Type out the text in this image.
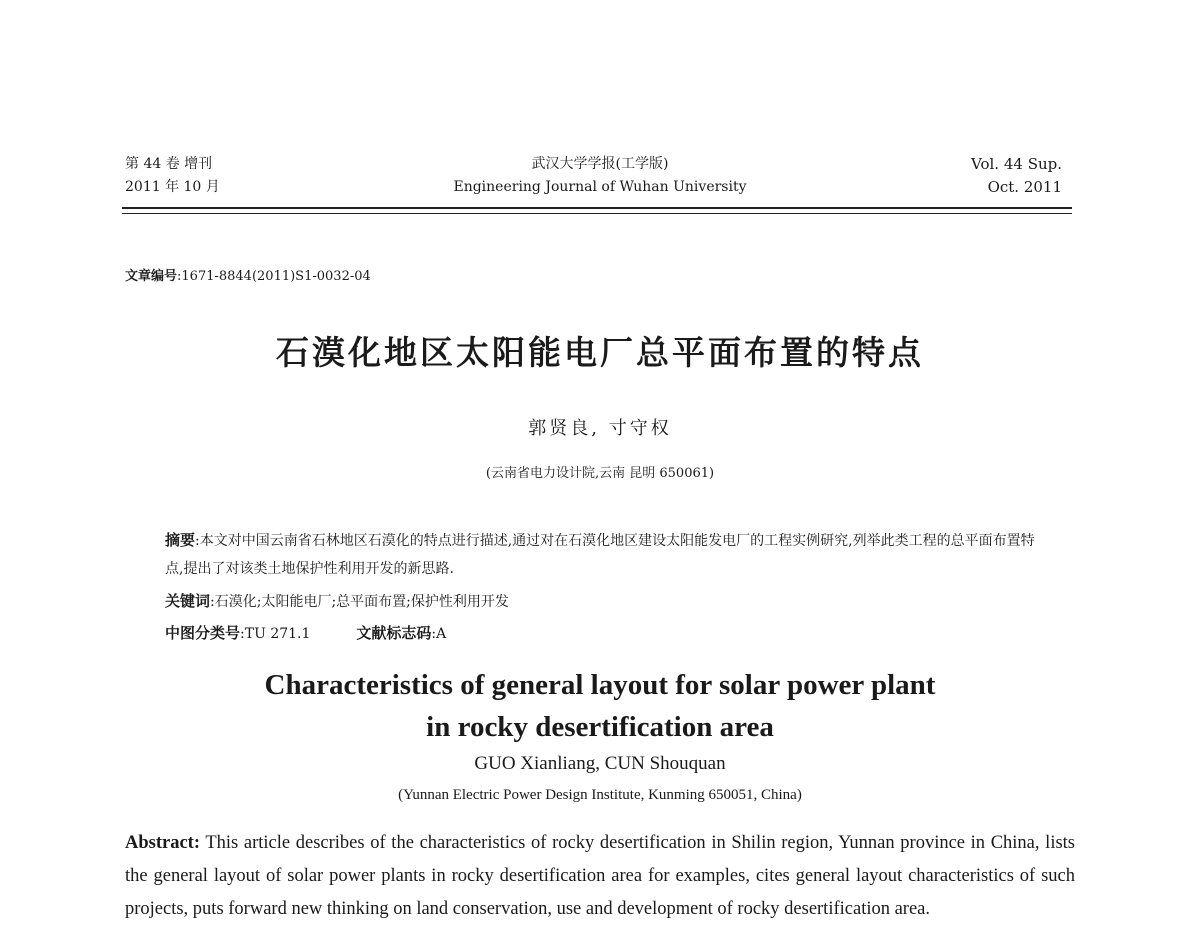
第 44 卷 增刊
2011 年 10 月
武汉大学学报(工学版)
Engineering Journal of Wuhan University
Vol. 44 Sup.
Oct. 2011
文章编号:1671-8844(2011)S1-0032-04
石漠化地区太阳能电厂总平面布置的特点
郭贤良, 寸守权
(云南省电力设计院,云南 昆明 650061)
摘要:本文对中国云南省石林地区石漠化的特点进行描述,通过对在石漠化地区建设太阳能发电厂的工程实例研究,列举此类工程的总平面布置特点,提出了对该类土地保护性利用开发的新思路.
关键词:石漠化;太阳能电厂;总平面布置;保护性利用开发
中图分类号:TU 271.1	文献标志码:A
Characteristics of general layout for solar power plant
in rocky desertification area
GUO Xianliang, CUN Shouquan
(Yunnan Electric Power Design Institute, Kunming 650051, China)
Abstract: This article describes of the characteristics of rocky desertification in Shilin region, Yunnan province in China, lists the general layout of solar power plants in rocky desertification area for examples, cites general layout characteristics of such projects, puts forward new thinking on land conservation, use and development of rocky desertification area.
